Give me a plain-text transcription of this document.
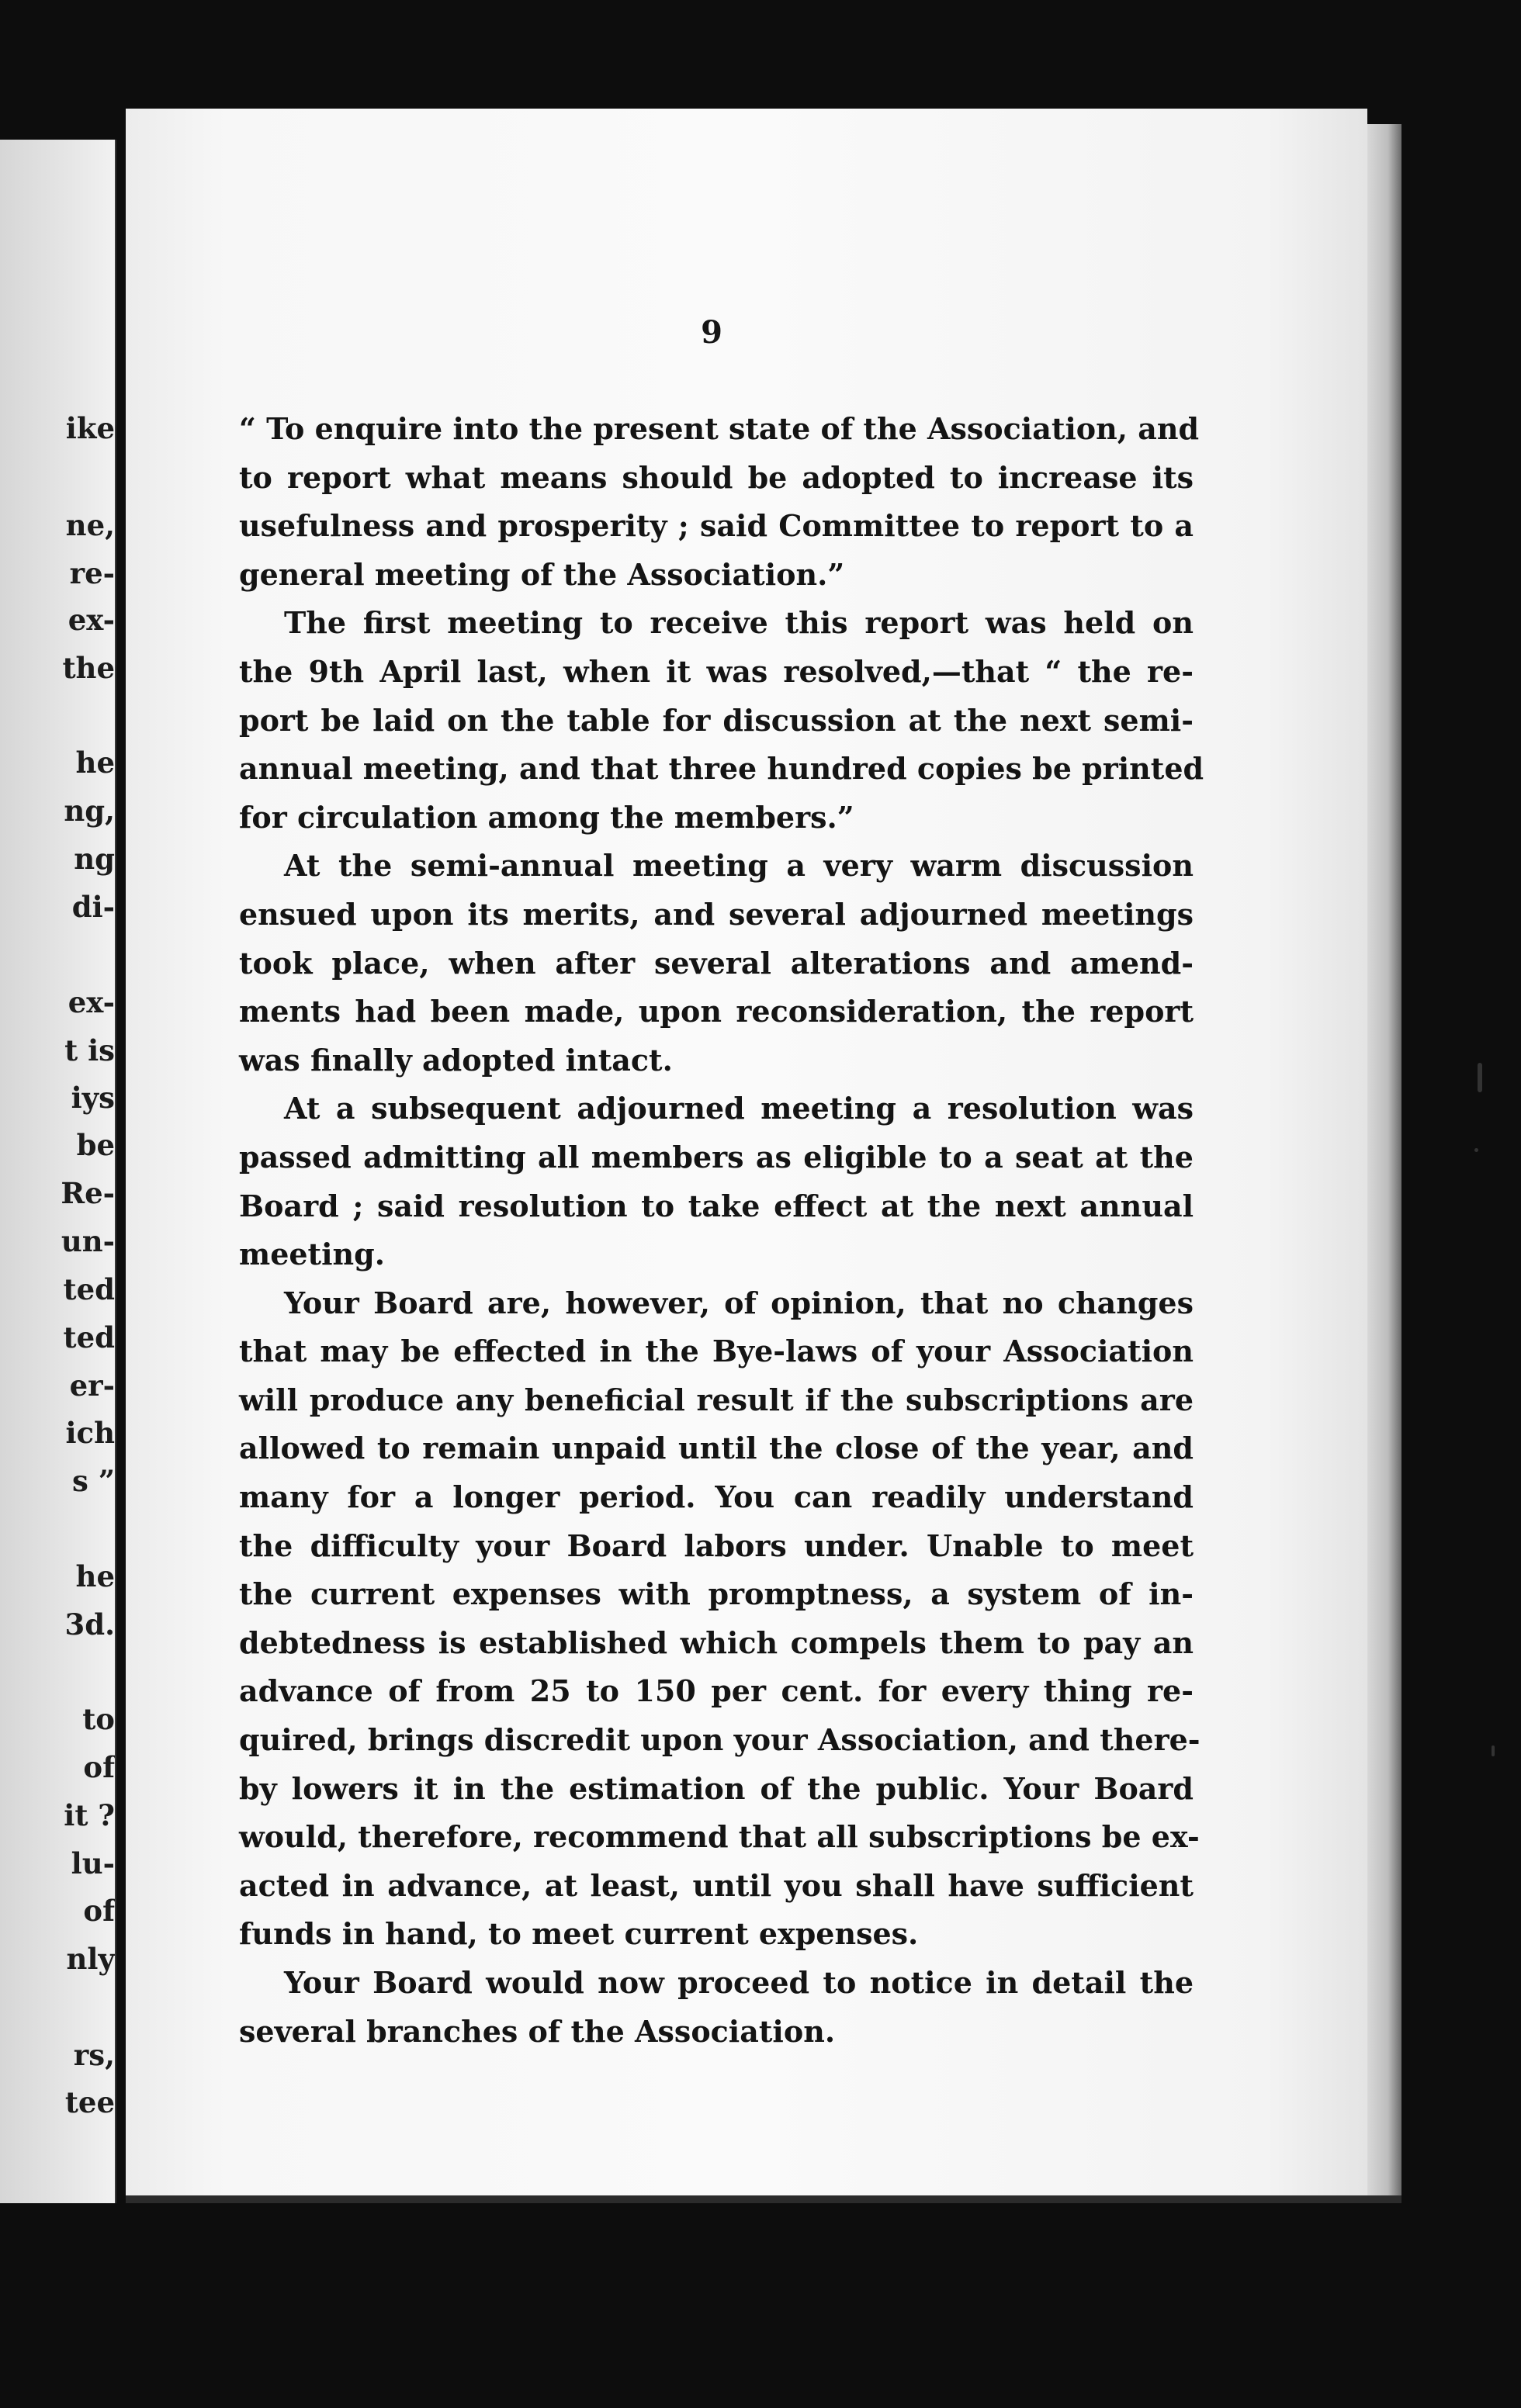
ike

ne,

re-

ex-

the

he

ng,

ng

di-

ex-

t is

iys

be

Re-

un-

ted

ted

er-

ich

s ”

he

3d.

to

of

it ?

lu-

of

nly

rs,

tee

9

“ To enquire into the present state of the Association, and
to report what means should be adopted to increase its
usefulness and prosperity ; said Committee to report to a
general meeting of the Association.”
The first meeting to receive this report was held on
the 9th April last, when it was resolved,—that “ the re-
port be laid on the table for discussion at the next semi-
annual meeting, and that three hundred copies be printed
for circulation among the members.”
At the semi-annual meeting a very warm discussion
ensued upon its merits, and several adjourned meetings
took place, when after several alterations and amend-
ments had been made, upon reconsideration, the report
was finally adopted intact.
At a subsequent adjourned meeting a resolution was
passed admitting all members as eligible to a seat at the
Board ; said resolution to take effect at the next annual
meeting.
Your Board are, however, of opinion, that no changes
that may be effected in the Bye-laws of your Association
will produce any beneficial result if the subscriptions are
allowed to remain unpaid until the close of the year, and
many for a longer period. You can readily understand
the difficulty your Board labors under. Unable to meet
the current expenses with promptness, a system of in-
debtedness is established which compels them to pay an
advance of from 25 to 150 per cent. for every thing re-
quired, brings discredit upon your Association, and there-
by lowers it in the estimation of the public. Your Board
would, therefore, recommend that all subscriptions be ex-
acted in advance, at least, until you shall have sufficient
funds in hand, to meet current expenses.
Your Board would now proceed to notice in detail the
several branches of the Association.
